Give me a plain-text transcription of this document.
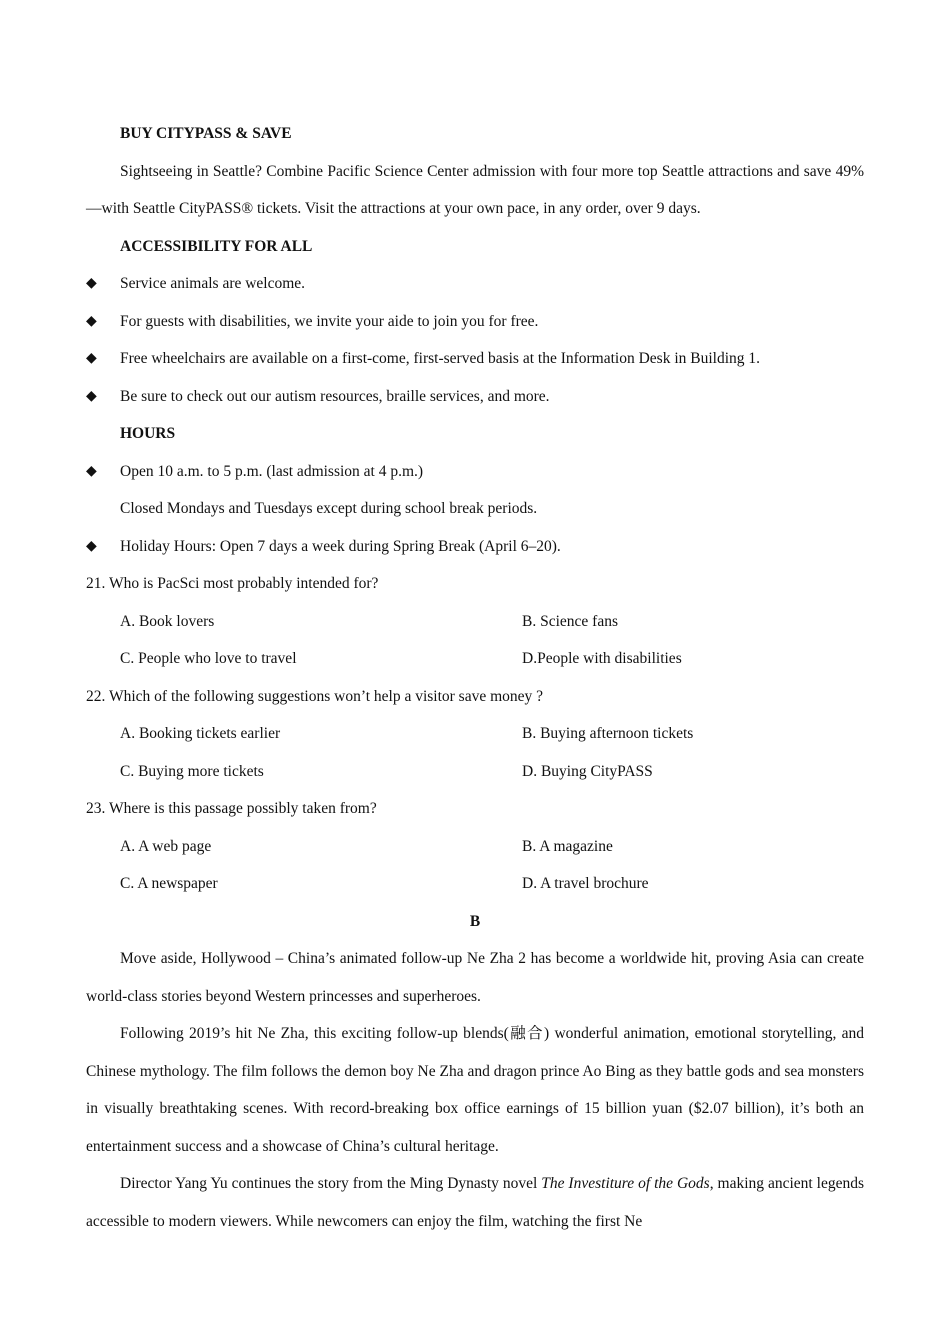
BUY CITYPASS & SAVE
Sightseeing in Seattle? Combine Pacific Science Center admission with four more top Seattle attractions and save 49%—with Seattle CityPASS® tickets. Visit the attractions at your own pace, in any order, over 9 days.
ACCESSIBILITY FOR ALL
◆ Service animals are welcome.
◆ For guests with disabilities, we invite your aide to join you for free.
◆ Free wheelchairs are available on a first-come, first-served basis at the Information Desk in Building 1.
◆ Be sure to check out our autism resources, braille services, and more.
HOURS
◆ Open 10 a.m. to 5 p.m. (last admission at 4 p.m.)
Closed Mondays and Tuesdays except during school break periods.
◆ Holiday Hours: Open 7 days a week during Spring Break (April 6–20).
21. Who is PacSci most probably intended for?
A. Book lovers	B. Science fans
C. People who love to travel	D.People with disabilities
22. Which of the following suggestions won’t help a visitor save money ?
A. Booking tickets earlier	B. Buying afternoon tickets
C. Buying more tickets	D. Buying CityPASS
23. Where is this passage possibly taken from?
A. A web page	B. A magazine
C. A newspaper	D. A travel brochure
B
Move aside, Hollywood – China’s animated follow-up Ne Zha 2 has become a worldwide hit, proving Asia can create world-class stories beyond Western princesses and superheroes.
Following 2019’s hit Ne Zha, this exciting follow-up blends(融合) wonderful animation, emotional storytelling, and Chinese mythology. The film follows the demon boy Ne Zha and dragon prince Ao Bing as they battle gods and sea monsters in visually breathtaking scenes. With record-breaking box office earnings of 15 billion yuan ($2.07 billion), it’s both an entertainment success and a showcase of China’s cultural heritage.
Director Yang Yu continues the story from the Ming Dynasty novel The Investiture of the Gods, making ancient legends accessible to modern viewers. While newcomers can enjoy the film, watching the first Ne
